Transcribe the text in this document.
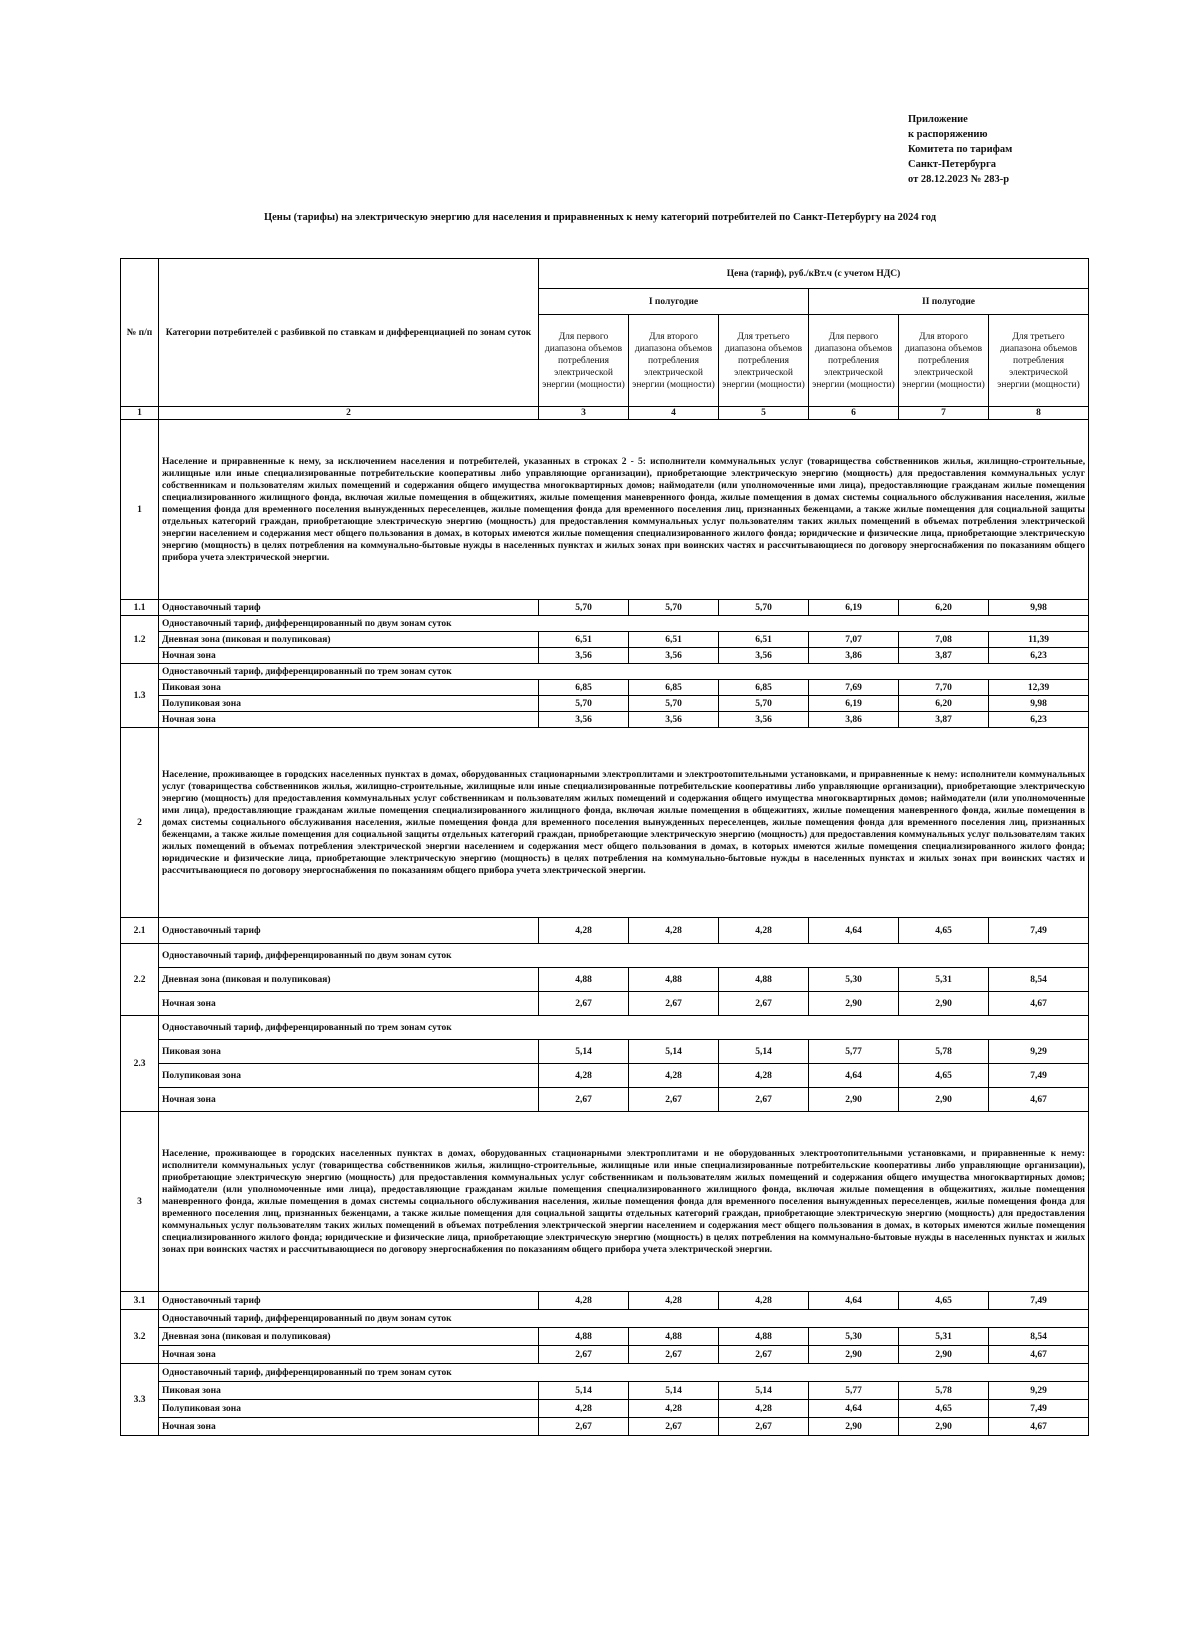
Приложение
к распоряжению
Комитета по тарифам
Санкт-Петербурга
от 28.12.2023 № 283-р
Цены (тарифы) на электрическую энергию для населения и приравненных к нему категорий потребителей по Санкт-Петербургу на 2024 год
№ п/п	Категории потребителей с разбивкой по ставкам и дифференциацией по зонам суток	Цена (тариф), руб./кВт.ч (с учетом НДС)					
		I полугодие			II полугодие		
		Для первого диапазона объемов потребления электрической энергии (мощности)	Для второго диапазона объемов потребления электрической энергии (мощности)	Для третьего диапазона объемов потребления электрической энергии (мощности)	Для первого диапазона объемов потребления электрической энергии (мощности)	Для второго диапазона объемов потребления электрической энергии (мощности)	Для третьего диапазона объемов потребления электрической энергии (мощности)
1	2	3	4	5	6	7	8
1	Население и приравненные к нему, за исключением населения и потребителей, указанных в строках 2 - 5: исполнители коммунальных услуг (товарищества собственников жилья, жилищно-строительные, жилищные или иные специализированные потребительские кооперативы либо управляющие организации), приобретающие электрическую энергию (мощность) для предоставления коммунальных услуг собственникам и пользователям жилых помещений и содержания общего имущества многоквартирных домов; наймодатели (или уполномоченные ими лица), предоставляющие гражданам жилые помещения специализированного жилищного фонда, включая жилые помещения в общежитиях, жилые помещения маневренного фонда, жилые помещения в домах системы социального обслуживания населения, жилые помещения фонда для временного поселения вынужденных переселенцев, жилые помещения фонда для временного поселения лиц, признанных беженцами, а также жилые помещения для социальной защиты отдельных категорий граждан, приобретающие электрическую энергию (мощность) для предоставления коммунальных услуг пользователям таких жилых помещений в объемах потребления электрической энергии населением и содержания мест общего пользования в домах, в которых имеются жилые помещения специализированного жилого фонда; юридические и физические лица, приобретающие электрическую энергию (мощность) в целях потребления на коммунально-бытовые нужды в населенных пунктах и жилых зонах при воинских частях и рассчитывающиеся по договору энергоснабжения по показаниям общего прибора учета электрической энергии.						
1.1	Одноставочный тариф	5,70	5,70	5,70	6,19	6,20	9,98
1.2	Одноставочный тариф, дифференцированный по двум зонам суток						
	Дневная зона (пиковая и полупиковая)	6,51	6,51	6,51	7,07	7,08	11,39
	Ночная зона	3,56	3,56	3,56	3,86	3,87	6,23
1.3	Одноставочный тариф, дифференцированный по трем зонам суток						
	Пиковая зона	6,85	6,85	6,85	7,69	7,70	12,39
	Полупиковая зона	5,70	5,70	5,70	6,19	6,20	9,98
	Ночная зона	3,56	3,56	3,56	3,86	3,87	6,23
2	Население, проживающее в городских населенных пунктах в домах, оборудованных стационарными электроплитами и электроотопительными установками, и приравненные к нему: исполнители коммунальных услуг (товарищества собственников жилья, жилищно-строительные, жилищные или иные специализированные потребительские кооперативы либо управляющие организации), приобретающие электрическую энергию (мощность) для предоставления коммунальных услуг собственникам и пользователям жилых помещений и содержания общего имущества многоквартирных домов; наймодатели (или уполномоченные ими лица), предоставляющие гражданам жилые помещения специализированного жилищного фонда, включая жилые помещения в общежитиях, жилые помещения маневренного фонда, жилые помещения в домах системы социального обслуживания населения, жилые помещения фонда для временного поселения вынужденных переселенцев, жилые помещения фонда для временного поселения лиц, признанных беженцами, а также жилые помещения для социальной защиты отдельных категорий граждан, приобретающие электрическую энергию (мощность) для предоставления коммунальных услуг пользователям таких жилых помещений в объемах потребления электрической энергии населением и содержания мест общего пользования в домах, в которых имеются жилые помещения специализированного жилого фонда; юридические и физические лица, приобретающие электрическую энергию (мощность) в целях потребления на коммунально-бытовые нужды в населенных пунктах и жилых зонах при воинских частях и рассчитывающиеся по договору энергоснабжения по показаниям общего прибора учета электрической энергии.						
2.1	Одноставочный тариф	4,28	4,28	4,28	4,64	4,65	7,49
2.2	Одноставочный тариф, дифференцированный по двум зонам суток						
	Дневная зона (пиковая и полупиковая)	4,88	4,88	4,88	5,30	5,31	8,54
	Ночная зона	2,67	2,67	2,67	2,90	2,90	4,67
2.3	Одноставочный тариф, дифференцированный по трем зонам суток						
	Пиковая зона	5,14	5,14	5,14	5,77	5,78	9,29
	Полупиковая зона	4,28	4,28	4,28	4,64	4,65	7,49
	Ночная зона	2,67	2,67	2,67	2,90	2,90	4,67
3	Население, проживающее в городских населенных пунктах в домах, оборудованных стационарными электроплитами и не оборудованных электроотопительными установками, и приравненные к нему: исполнители коммунальных услуг (товарищества собственников жилья, жилищно-строительные, жилищные или иные специализированные потребительские кооперативы либо управляющие организации), приобретающие электрическую энергию (мощность) для предоставления коммунальных услуг собственникам и пользователям жилых помещений и содержания общего имущества многоквартирных домов; наймодатели (или уполномоченные ими лица), предоставляющие гражданам жилые помещения специализированного жилищного фонда, включая жилые помещения в общежитиях, жилые помещения маневренного фонда, жилые помещения в домах системы социального обслуживания населения, жилые помещения фонда для временного поселения вынужденных переселенцев, жилые помещения фонда для временного поселения лиц, признанных беженцами, а также жилые помещения для социальной защиты отдельных категорий граждан, приобретающие электрическую энергию (мощность) для предоставления коммунальных услуг пользователям таких жилых помещений в объемах потребления электрической энергии населением и содержания мест общего пользования в домах, в которых имеются жилые помещения специализированного жилого фонда; юридические и физические лица, приобретающие электрическую энергию (мощность) в целях потребления на коммунально-бытовые нужды в населенных пунктах и жилых зонах при воинских частях и рассчитывающиеся по договору энергоснабжения по показаниям общего прибора учета электрической энергии.						
3.1	Одноставочный тариф	4,28	4,28	4,28	4,64	4,65	7,49
3.2	Одноставочный тариф, дифференцированный по двум зонам суток						
	Дневная зона (пиковая и полупиковая)	4,88	4,88	4,88	5,30	5,31	8,54
	Ночная зона	2,67	2,67	2,67	2,90	2,90	4,67
3.3	Одноставочный тариф, дифференцированный по трем зонам суток						
	Пиковая зона	5,14	5,14	5,14	5,77	5,78	9,29
	Полупиковая зона	4,28	4,28	4,28	4,64	4,65	7,49
	Ночная зона	2,67	2,67	2,67	2,90	2,90	4,67
